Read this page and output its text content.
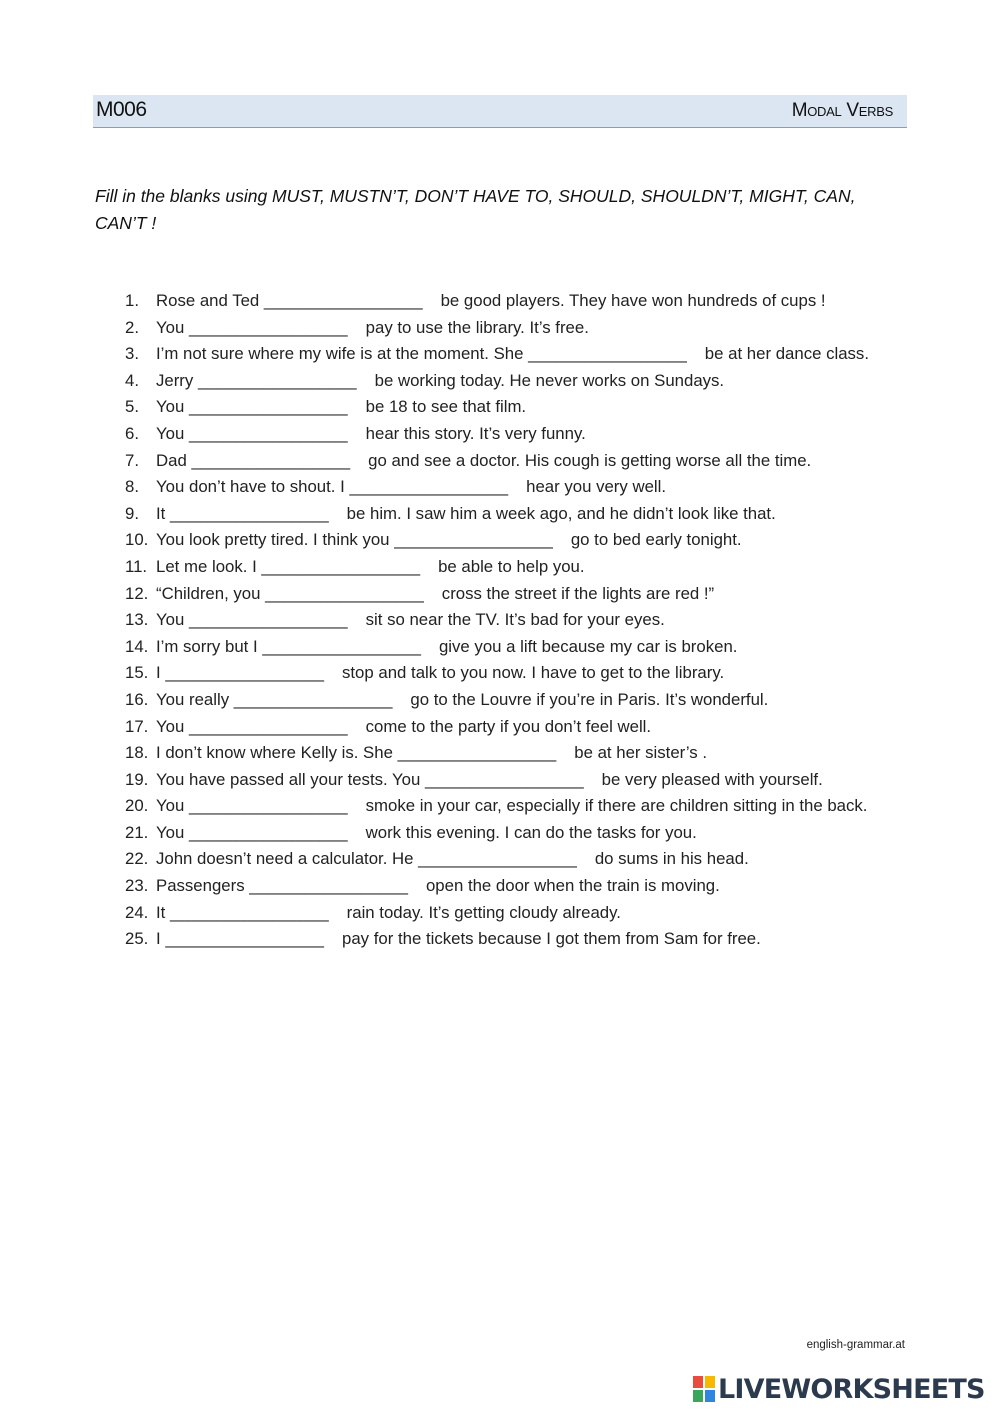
M006	Modal Verbs
Fill in the blanks using MUST, MUSTN’T, DON’T HAVE TO, SHOULD, SHOULDN’T, MIGHT, CAN, CAN’T !
1. Rose and Ted _________________ be good players. They have won hundreds of cups !
2. You _________________ pay to use the library. It’s free.
3. I’m not sure where my wife is at the moment. She _________________ be at her dance class.
4. Jerry _________________ be working today. He never works on Sundays.
5. You _________________ be 18 to see that film.
6. You _________________ hear this story. It’s very funny.
7. Dad _________________ go and see a doctor. His cough is getting worse all the time.
8. You don’t have to shout. I _________________ hear you very well.
9. It _________________ be him. I saw him a week ago, and he didn’t look like that.
10. You look pretty tired. I think you _________________ go to bed early tonight.
11. Let me look. I _________________ be able to help you.
12. “Children, you _________________ cross the street if the lights are red !”
13. You _________________ sit so near the TV. It’s bad for your eyes.
14. I’m sorry but I _________________ give you a lift because my car is broken.
15. I _________________ stop and talk to you now. I have to get to the library.
16. You really _________________ go to the Louvre if you’re in Paris. It’s wonderful.
17. You _________________ come to the party if you don’t feel well.
18. I don’t know where Kelly is. She _________________ be at her sister’s .
19. You have passed all your tests. You _________________ be very pleased with yourself.
20. You _________________ smoke in your car, especially if there are children sitting in the back.
21. You _________________ work this evening. I can do the tasks for you.
22. John doesn’t need a calculator. He _________________ do sums in his head.
23. Passengers _________________ open the door when the train is moving.
24. It _________________ rain today. It’s getting cloudy already.
25. I _________________ pay for the tickets because I got them from Sam for free.
english-grammar.at
LIVEWORKSHEETS
